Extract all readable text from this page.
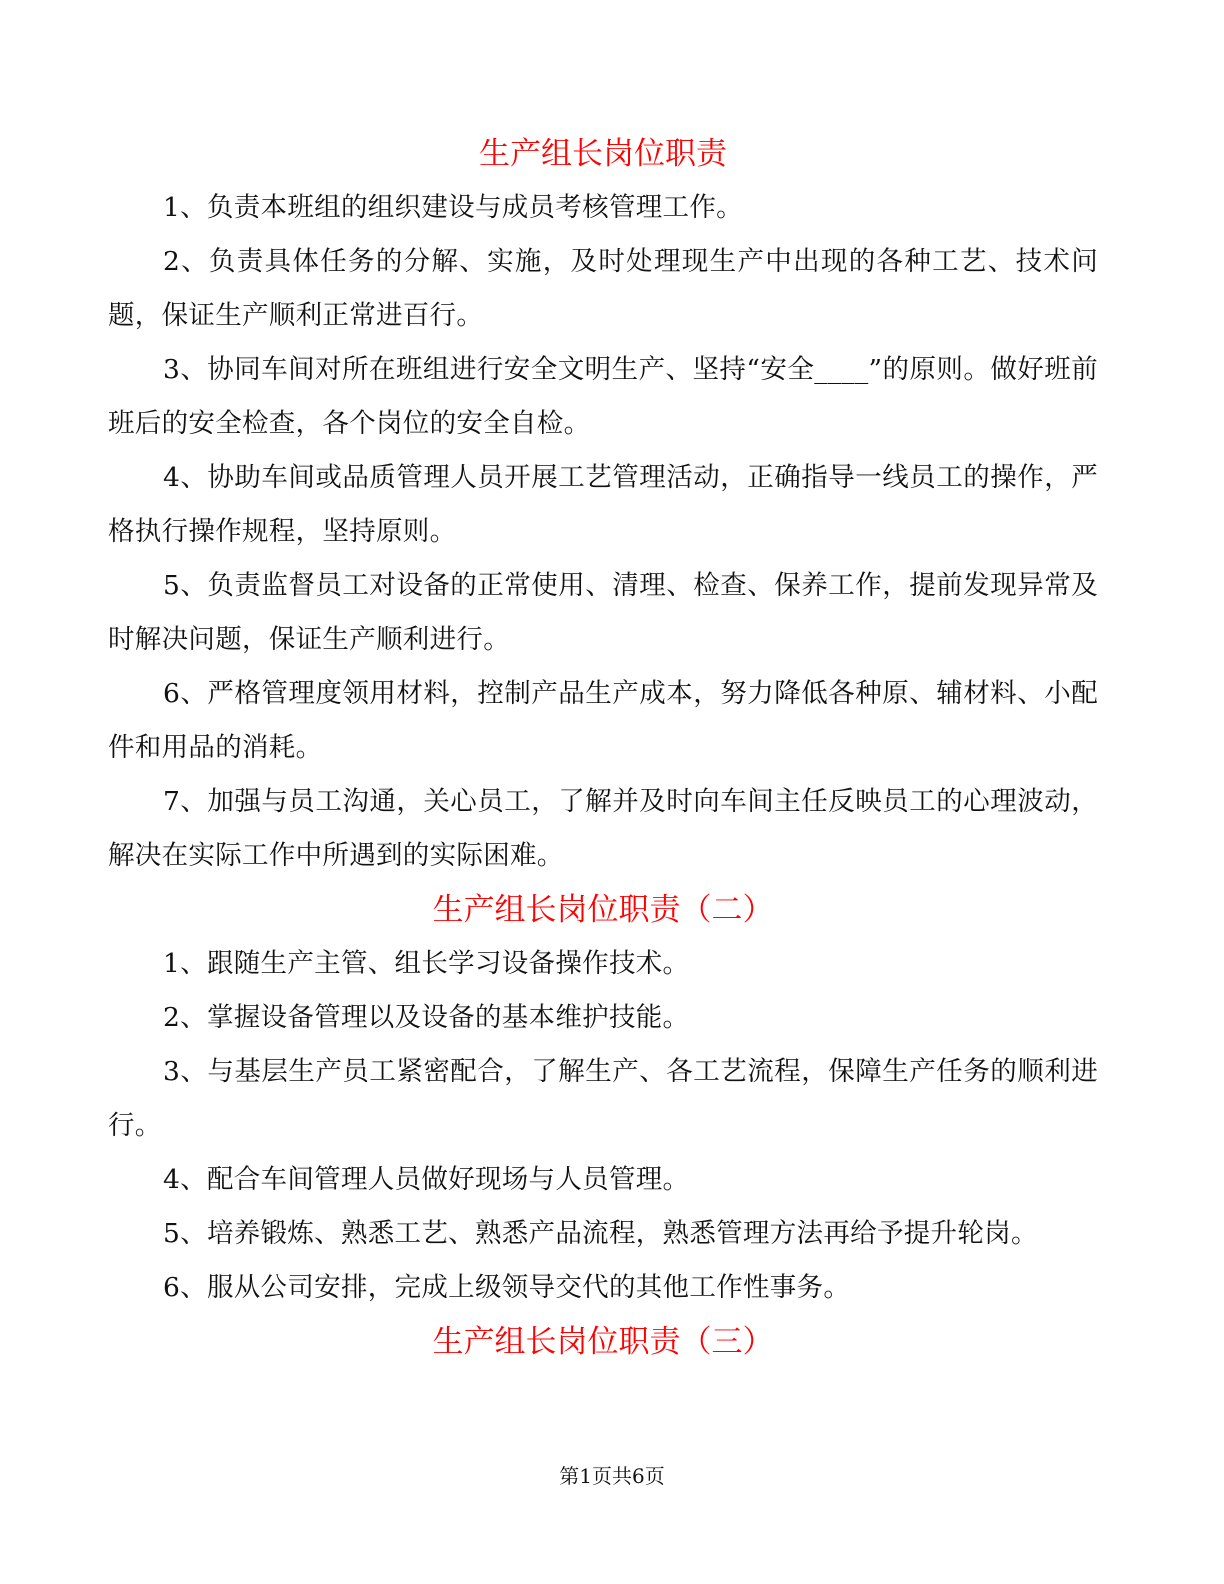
生产组长岗位职责

1、负责本班组的组织建设与成员考核管理工作。

2、负责具体任务的分解、实施，及时处理现生产中出现的各种工艺、技术问题，保证生产顺利正常进百行。

3、协同车间对所在班组进行安全文明生产、坚持“安全____”的原则。做好班前班后的安全检查，各个岗位的安全自检。

4、协助车间或品质管理人员开展工艺管理活动，正确指导一线员工的操作，严格执行操作规程，坚持原则。

5、负责监督员工对设备的正常使用、清理、检查、保养工作，提前发现异常及时解决问题，保证生产顺利进行。

6、严格管理度领用材料，控制产品生产成本，努力降低各种原、辅材料、小配件和用品的消耗。

7、加强与员工沟通，关心员工，了解并及时向车间主任反映员工的心理波动，解决在实际工作中所遇到的实际困难。

生产组长岗位职责（二）

1、跟随生产主管、组长学习设备操作技术。

2、掌握设备管理以及设备的基本维护技能。

3、与基层生产员工紧密配合，了解生产、各工艺流程，保障生产任务的顺利进行。

4、配合车间管理人员做好现场与人员管理。

5、培养锻炼、熟悉工艺、熟悉产品流程，熟悉管理方法再给予提升轮岗。

6、服从公司安排，完成上级领导交代的其他工作性事务。

生产组长岗位职责（三）
第1页共6页
